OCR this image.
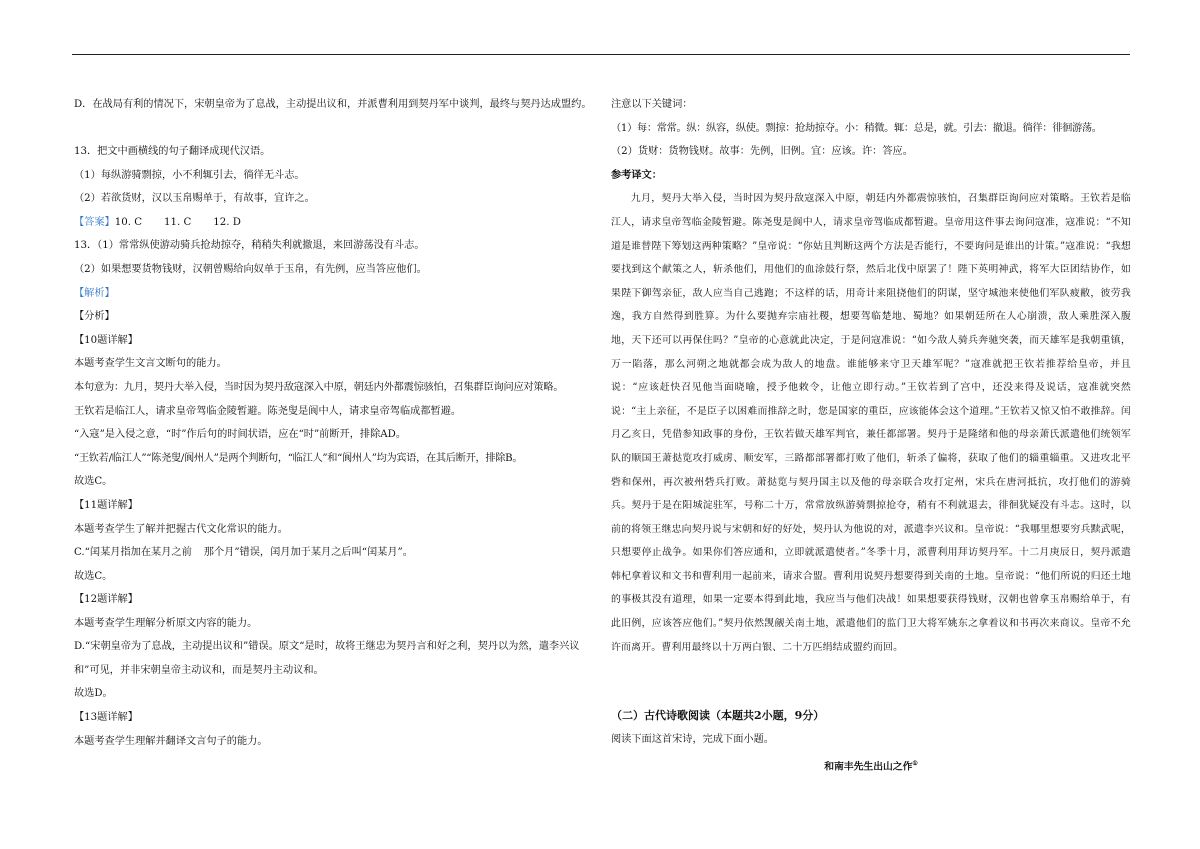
D．在战局有利的情况下，宋朝皇帝为了息战，主动提出议和，并派曹利用到契丹军中谈判，最终与契丹达成盟约。
13．把文中画横线的句子翻译成现代汉语。
（1）每纵游骑剽掠，小不利辄引去，徜徉无斗志。
（2）若欲货财，汉以玉帛赐单于，有故事，宜许之。
【答案】10. C 11. C 12. D
13．（1）常常纵使游动骑兵抢劫掠夺，稍稍失利就撤退，来回游荡没有斗志。
（2）如果想要货物钱财，汉朝曾赐给向奴单于玉帛，有先例，应当答应他们。
【解析】
【分析】
【10题详解】
本题考查学生文言文断句的能力。
本句意为：九月，契丹大举入侵，当时因为契丹敌寇深入中原，朝廷内外都震惊骇怕，召集群臣询问应对策略。
王钦若是临江人，请求皇帝驾临金陵暂避。陈尧叟是阆中人，请求皇帝驾临成都暂避。
“入寇”是入侵之意，“时”作后句的时间状语，应在“时”前断开，排除AD。
“王钦若/临江人”“陈尧叟/阆州人”是两个判断句，“临江人”和“阆州人”均为宾语，在其后断开，排除B。
故选C。
【11题详解】
本题考查学生了解并把握古代文化常识的能力。
C.“闰某月指加在某月之前 那个月”错误，闰月加于某月之后叫“闰某月”。
故选C。
【12题详解】
本题考查学生理解分析原文内容的能力。
D.“宋朝皇帝为了息战，主动提出议和”错误。原文“是时，故将王继忠为契丹言和好之利，契丹以为然，遣李兴议和”可见，并非宋朝皇帝主动议和，而是契丹主动议和。
故选D。
【13题详解】
本题考查学生理解并翻译文言句子的能力。
注意以下关键词：
（1）每：常常。纵：纵容，纵使。剽掠：抢劫掠夺。小：稍微。辄：总是，就。引去：撤退。徜徉：徘徊游荡。
（2）货财：货物钱财。故事：先例，旧例。宜：应该。许：答应。
参考译文：

九月，契丹大举入侵，当时因为契丹敌寇深入中原，朝廷内外都震惊骇怕，召集群臣询问应对策略。王钦若是临江人，请求皇帝驾临金陵暂避。陈尧叟是阆中人，请求皇帝驾临成都暂避。皇帝用这件事去询问寇准，寇准说：“不知道是谁替陛下筹划这两种策略？”皇帝说：“你姑且判断这两个方法是否能行，不要询问是谁出的计策。”寇准说：“我想要找到这个献策之人，斩杀他们，用他们的血涂鼓行祭，然后北伐中原罢了！陛下英明神武，将军大臣团结协作，如果陛下御驾亲征，敌人应当自己逃跑；不这样的话，用奇计来阻挠他们的阴谋，坚守城池来使他们军队疲敝，彼劳我逸，我方自然得到胜算。为什么要抛弃宗庙社稷，想要驾临楚地、蜀地？如果朝廷所在人心崩溃，敌人乘胜深入腹地，天下还可以再保住吗？”皇帝的心意就此决定，于是问寇准说：“如今敌人骑兵奔驰突袭，而天雄军是我朝重镇，万一陷落，那么河朔之地就都会成为敌人的地盘。谁能够来守卫天雄军呢？”寇准就把王钦若推荐给皇帝，并且说：“应该赶快召见他当面晓喻，授予他敕令，让他立即行动。”王钦若到了宫中，还没来得及说话，寇准就突然说：“主上亲征，不是臣子以困难而推辞之时，您是国家的重臣，应该能体会这个道理。”王钦若又惊又怕不敢推辞。闰月乙亥日，凭借参知政事的身份，王钦若做天雄军判官，兼任都部署。契丹于是隆绪和他的母亲萧氏派遣他们统领军队的顺国王萧挞览攻打威虏、顺安军，三路都部署都打败了他们，斩杀了偏将，获取了他们的辎重辎重。又进攻北平砦和保州，再次被州砦兵打败。萧挞览与契丹国主以及他的母亲联合攻打定州，宋兵在唐河抵抗，攻打他们的游骑兵。契丹于是在阳城淀驻军，号称二十万，常常放纵游骑剽掠抢夺，稍有不利就退去，徘徊犹疑没有斗志。这时，以前的将领王继忠向契丹说与宋朝和好的好处，契丹认为他说的对，派遣李兴议和。皇帝说：“我哪里想要穷兵黩武呢，只想要停止战争。如果你们答应通和，立即就派遣使者。”冬季十月，派曹利用拜访契丹军。十二月庚辰日，契丹派遣韩杞拿着议和文书和曹利用一起前来，请求合盟。曹利用说契丹想要得到关南的土地。皇帝说：“他们所说的归还土地的事极其没有道理，如果一定要本得到此地，我应当与他们决战！如果想要获得钱财，汉朝也曾拿玉帛赐给单于，有此旧例，应该答应他们。”契丹依然觊觎关南土地，派遣他们的监门卫大将军姚东之拿着议和书再次来商议。皇帝不允许而离开。曹利用最终以十万两白银、二十万匹绢结成盟约而回。

（二）古代诗歌阅读（本题共2小题，9分）
阅读下面这首宋诗，完成下面小题。
和南丰先生出山之作①
